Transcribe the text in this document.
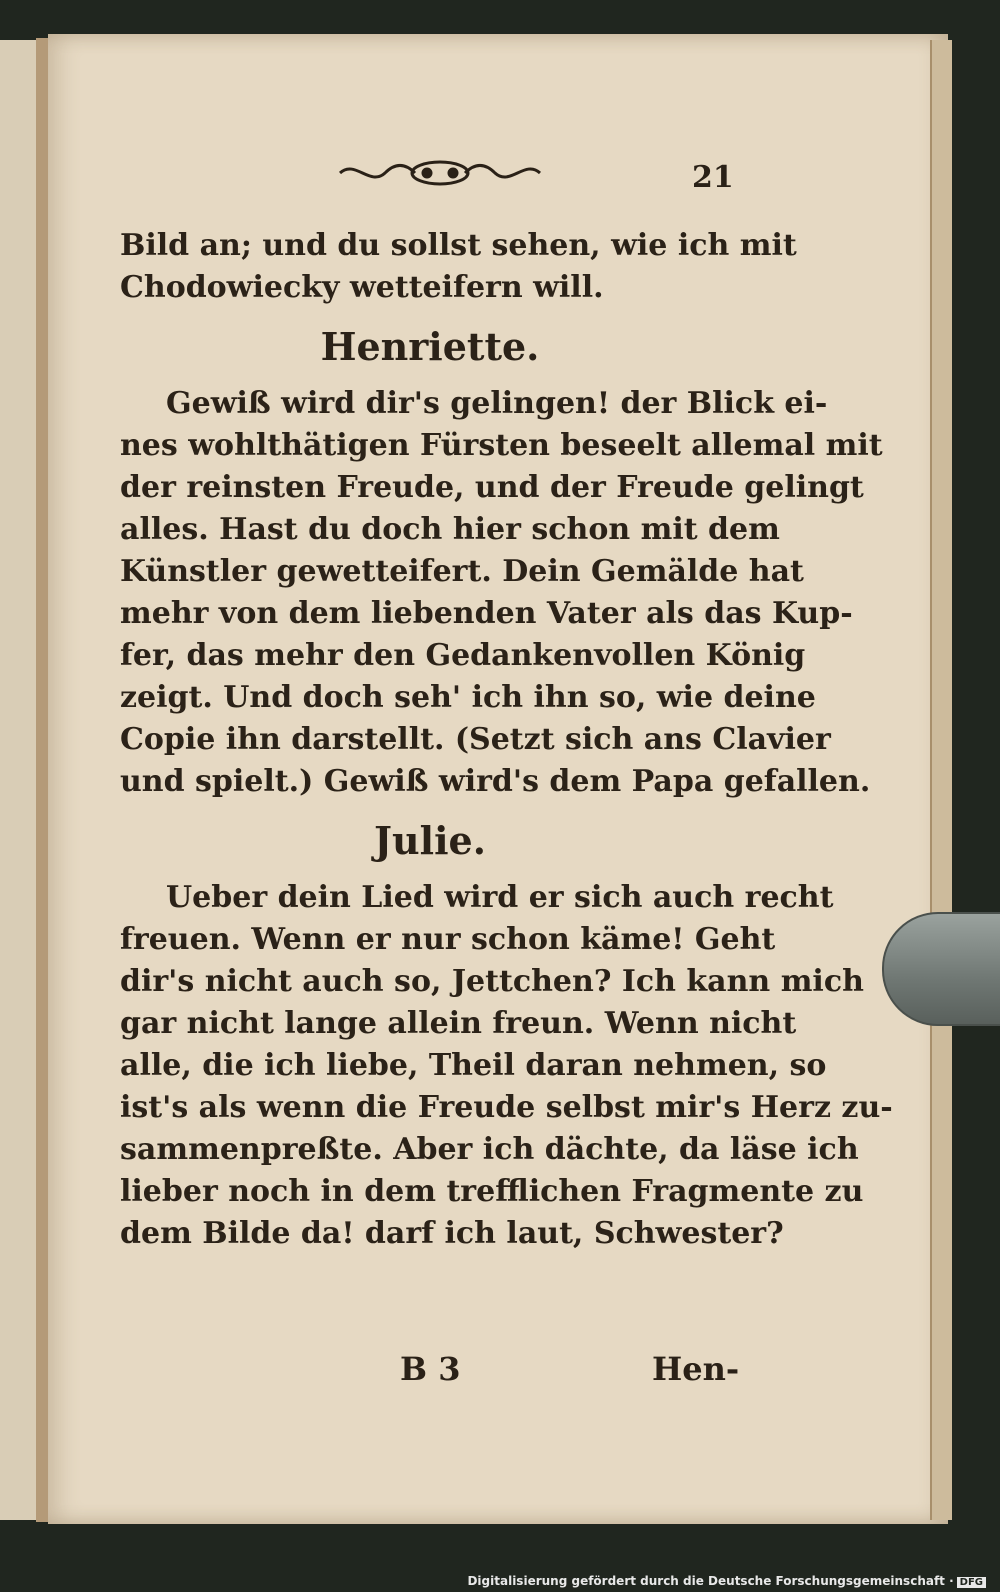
21
Bild an; und du sollst sehen, wie ich mit
Chodowiecky wetteifern will.
Henriette.
Gewiß wird dir's gelingen! der Blick ei-
nes wohlthätigen Fürsten beseelt allemal mit
der reinsten Freude, und der Freude gelingt
alles. Hast du doch hier schon mit dem
Künstler gewetteifert. Dein Gemälde hat
mehr von dem liebenden Vater als das Kup-
fer, das mehr den Gedankenvollen König
zeigt. Und doch seh' ich ihn so, wie deine
Copie ihn darstellt. (Setzt sich ans Clavier
und spielt.) Gewiß wird's dem Papa gefallen.
Julie.
Ueber dein Lied wird er sich auch recht
freuen. Wenn er nur schon käme! Geht
dir's nicht auch so, Jettchen? Ich kann mich
gar nicht lange allein freun. Wenn nicht
alle, die ich liebe, Theil daran nehmen, so
ist's als wenn die Freude selbst mir's Herz zu-
sammenpreßte. Aber ich dächte, da läse ich
lieber noch in dem trefflichen Fragmente zu
dem Bilde da! darf ich laut, Schwester?
B 3	Hen-
Digitalisierung gefördert durch die Deutsche Forschungsgemeinschaft · DFG
